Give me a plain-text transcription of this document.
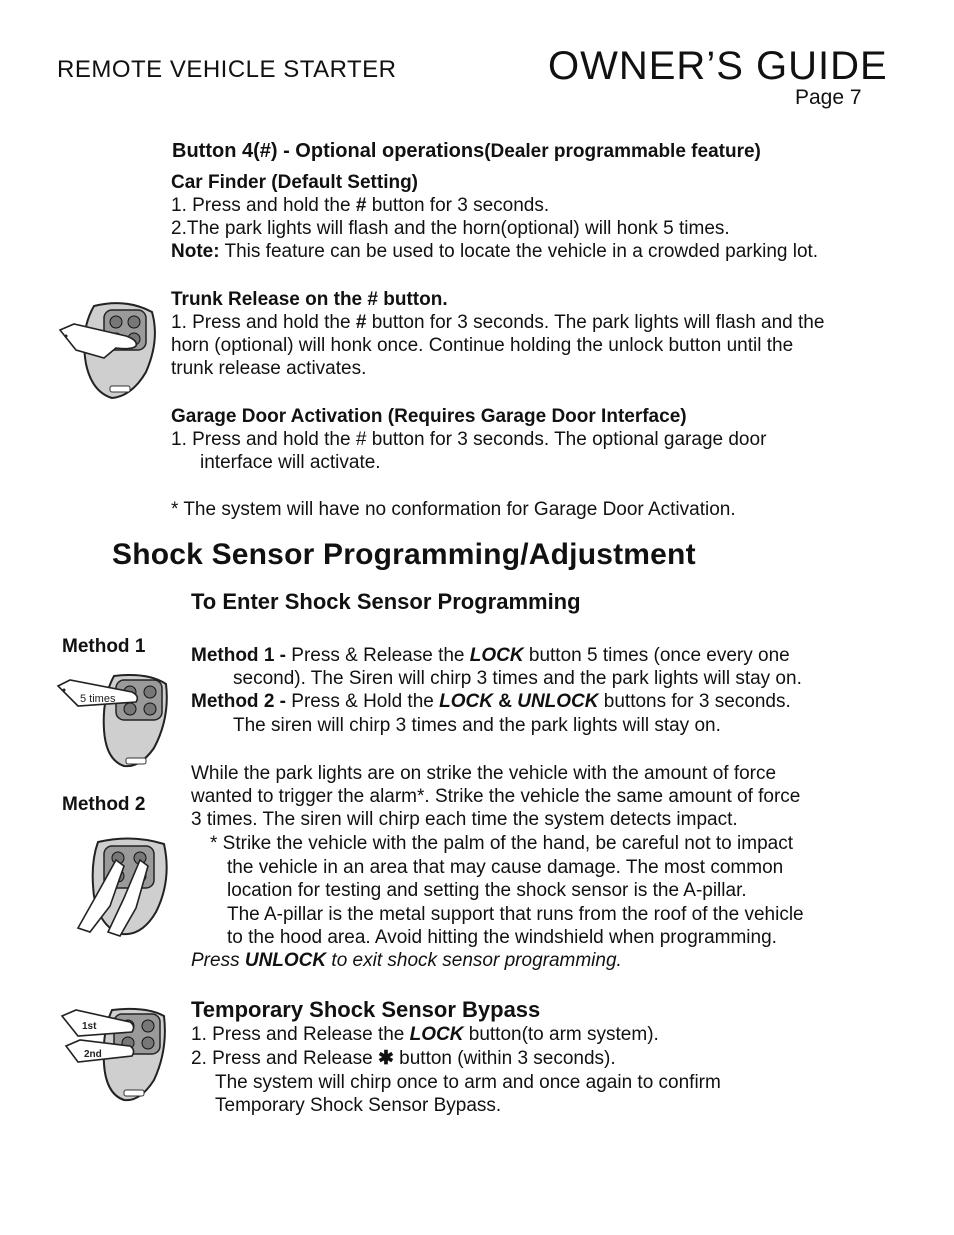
REMOTE VEHICLE STARTER	OWNER’S GUIDE
Page 7
Button 4(#) - Optional operations(Dealer programmable feature)
Car Finder (Default Setting)
1. Press and hold the # button for 3 seconds.
2.The park lights will flash and the horn(optional) will honk 5 times.
Note: This feature can be used to locate the vehicle in a crowded parking lot.
Trunk Release on the # button.
1. Press and hold the # button for 3 seconds. The park lights will flash and the
horn (optional) will honk once. Continue holding the unlock button until the
trunk release activates.
Garage Door Activation (Requires Garage Door Interface)
1. Press and hold the # button for 3 seconds. The optional garage door
interface will activate.
* The system will have no conformation for Garage Door Activation.
Shock Sensor Programming/Adjustment
To Enter Shock Sensor Programming
Method 1
Method 2
5 times
Method 1 - Press & Release the LOCK button 5 times (once every one
second). The Siren will chirp 3 times and the park lights will stay on.
Method 2 - Press & Hold the LOCK & UNLOCK buttons for 3 seconds.
The siren will chirp 3 times and the park lights will stay on.
While the park lights are on strike the vehicle with the amount of force
wanted to trigger the alarm*. Strike the vehicle the same amount of force
3 times. The siren will chirp each time the system detects impact.
* Strike the vehicle with the palm of the hand, be careful not to impact
the vehicle in an area that may cause damage. The most common
location for testing and setting the shock sensor is the A-pillar.
The A-pillar is the metal support that runs from the roof of the vehicle
to the hood area. Avoid hitting the windshield when programming.
Press UNLOCK to exit shock sensor programming.
Temporary Shock Sensor Bypass
1. Press and Release the LOCK button(to arm system).
2. Press and Release ✱ button (within 3 seconds).
The system will chirp once to arm and once again to confirm
Temporary Shock Sensor Bypass.
1st
2nd
